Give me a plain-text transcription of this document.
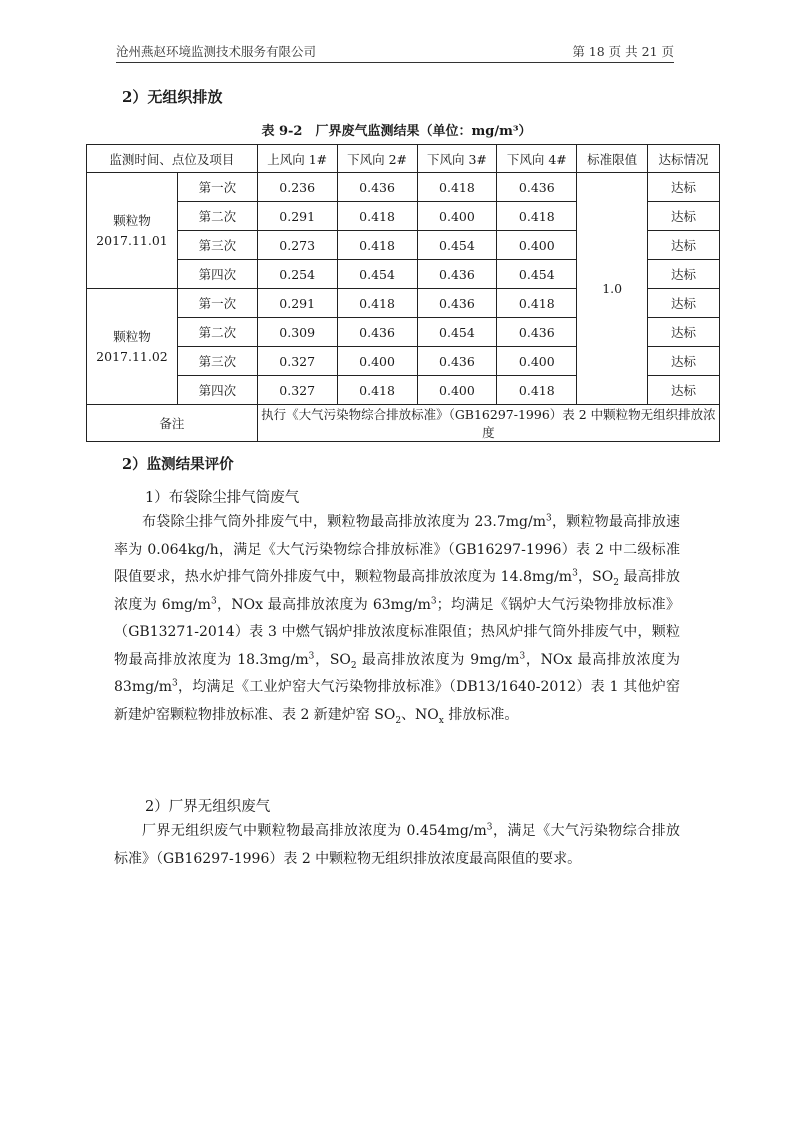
沧州燕赵环境监测技术服务有限公司	第 18 页 共 21 页
2）无组织排放
表 9-2　厂界废气监测结果（单位：mg/m³）
监测时间、点位及项目		上风向 1#	下风向 2#	下风向 3#	下风向 4#	标准限值	达标情况

颗粒物
2017.11.01	第一次	0.236	0.436	0.418	0.436	1.0	达标
	第二次	0.291	0.418	0.400	0.418		达标
	第三次	0.273	0.418	0.454	0.400		达标
	第四次	0.254	0.454	0.436	0.454		达标

颗粒物
2017.11.02	第一次	0.291	0.418	0.436	0.418		达标
	第二次	0.309	0.436	0.454	0.436		达标
	第三次	0.327	0.400	0.436	0.400		达标
	第四次	0.327	0.418	0.400	0.418		达标
备注		执行《大气污染物综合排放标准》（GB16297-1996）表 2 中颗粒物无组织排放浓度					
2）监测结果评价
1）布袋除尘排气筒废气
布袋除尘排气筒外排废气中，颗粒物最高排放浓度为 $23.7mg/m^3$，颗粒物最高排放速率为 0.064kg/h，满足《大气污染物综合排放标准》（GB16297-1996）表 2 中二级标准限值要求，热水炉排气筒外排废气中，颗粒物最高排放浓度为 $14.8mg/m^3$，$SO_2$ 最高排放浓度为 $6mg/m^3$，NOx 最高排放浓度为 $63mg/m^3$；均满足《锅炉大气污染物排放标准》（GB13271-2014）表 3 中燃气锅炉排放浓度标准限值；热风炉排气筒外排废气中，颗粒物最高排放浓度为 $18.3mg/m^3$，$SO_2$ 最高排放浓度为 $9mg/m^3$，NOx 最高排放浓度为 $83mg/m^3$，均满足《工业炉窑大气污染物排放标准》（DB13/1640-2012）表 1 其他炉窑新建炉窑颗粒物排放标准、表 2 新建炉窑 $SO_2$、$NO_x$ 排放标准。
2）厂界无组织废气
厂界无组织废气中颗粒物最高排放浓度为 $0.454mg/m^3$，满足《大气污染物综合排放标准》（GB16297-1996）表 2 中颗粒物无组织排放浓度最高限值的要求。
